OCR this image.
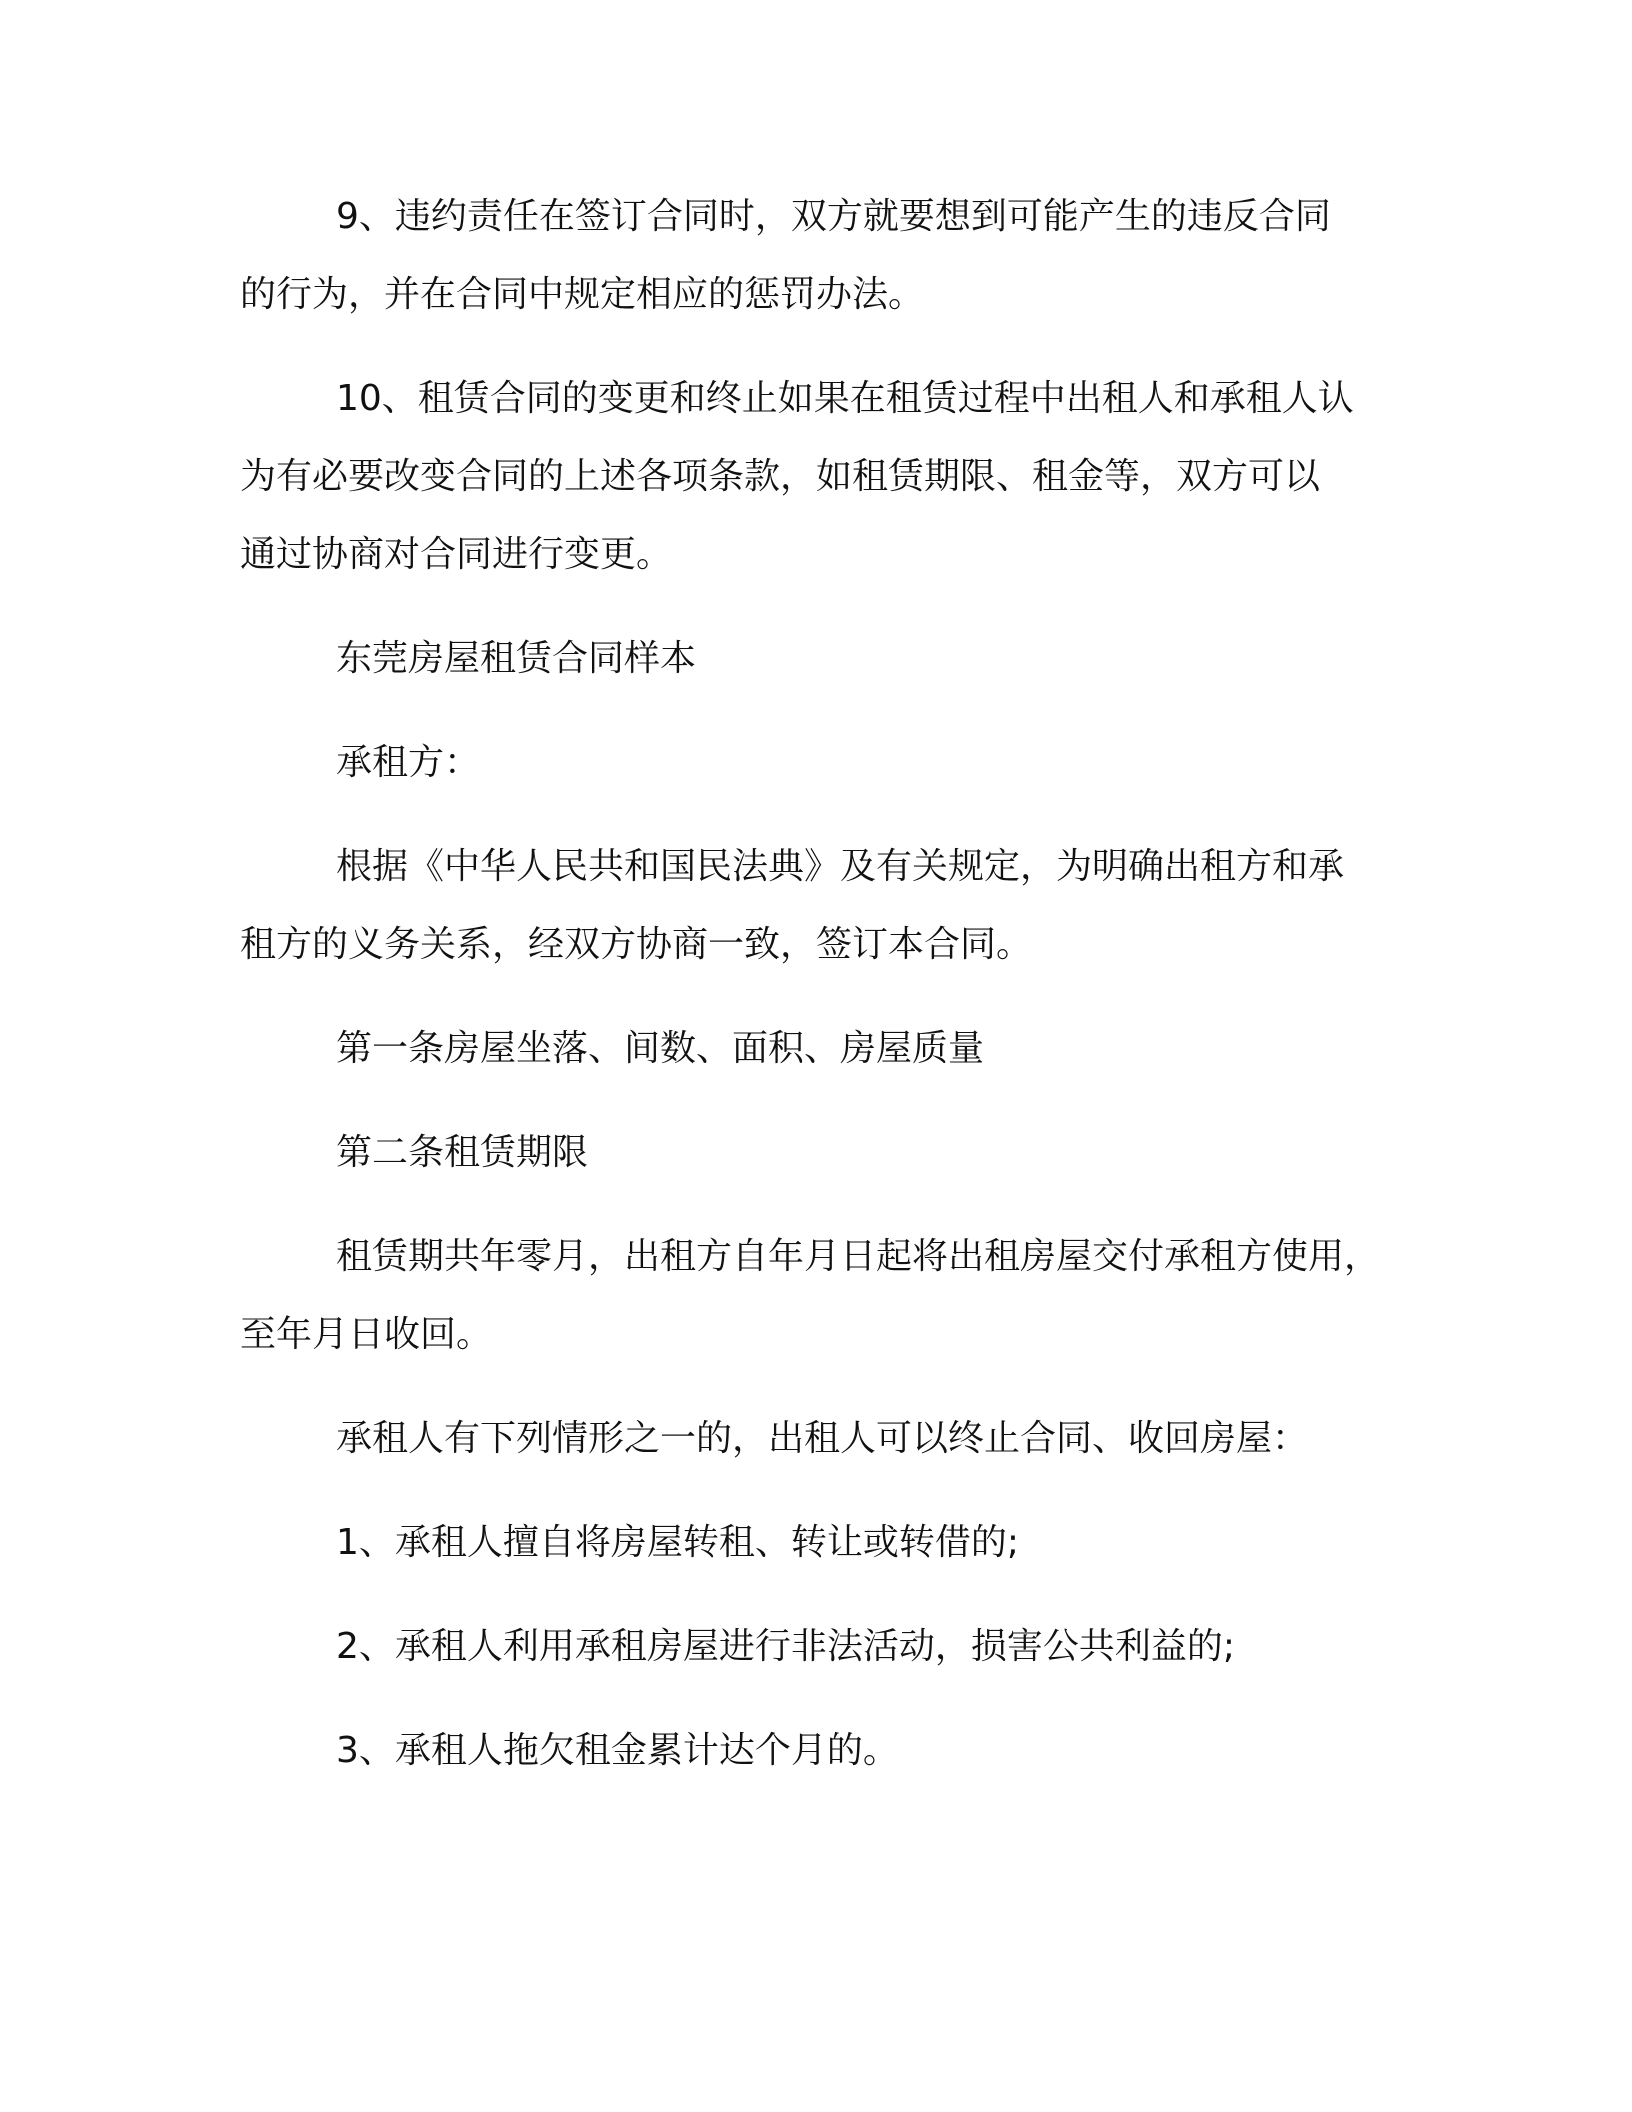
9、违约责任在签订合同时，双方就要想到可能产生的违反合同
的行为，并在合同中规定相应的惩罚办法。
10、租赁合同的变更和终止如果在租赁过程中出租人和承租人认
为有必要改变合同的上述各项条款，如租赁期限、租金等，双方可以
通过协商对合同进行变更。
东莞房屋租赁合同样本
承租方：
根据《中华人民共和国民法典》及有关规定，为明确出租方和承
租方的义务关系，经双方协商一致，签订本合同。
第一条房屋坐落、间数、面积、房屋质量
第二条租赁期限
租赁期共年零月，出租方自年月日起将出租房屋交付承租方使用，
至年月日收回。
承租人有下列情形之一的，出租人可以终止合同、收回房屋：
1、承租人擅自将房屋转租、转让或转借的;
2、承租人利用承租房屋进行非法活动，损害公共利益的;
3、承租人拖欠租金累计达个月的。
